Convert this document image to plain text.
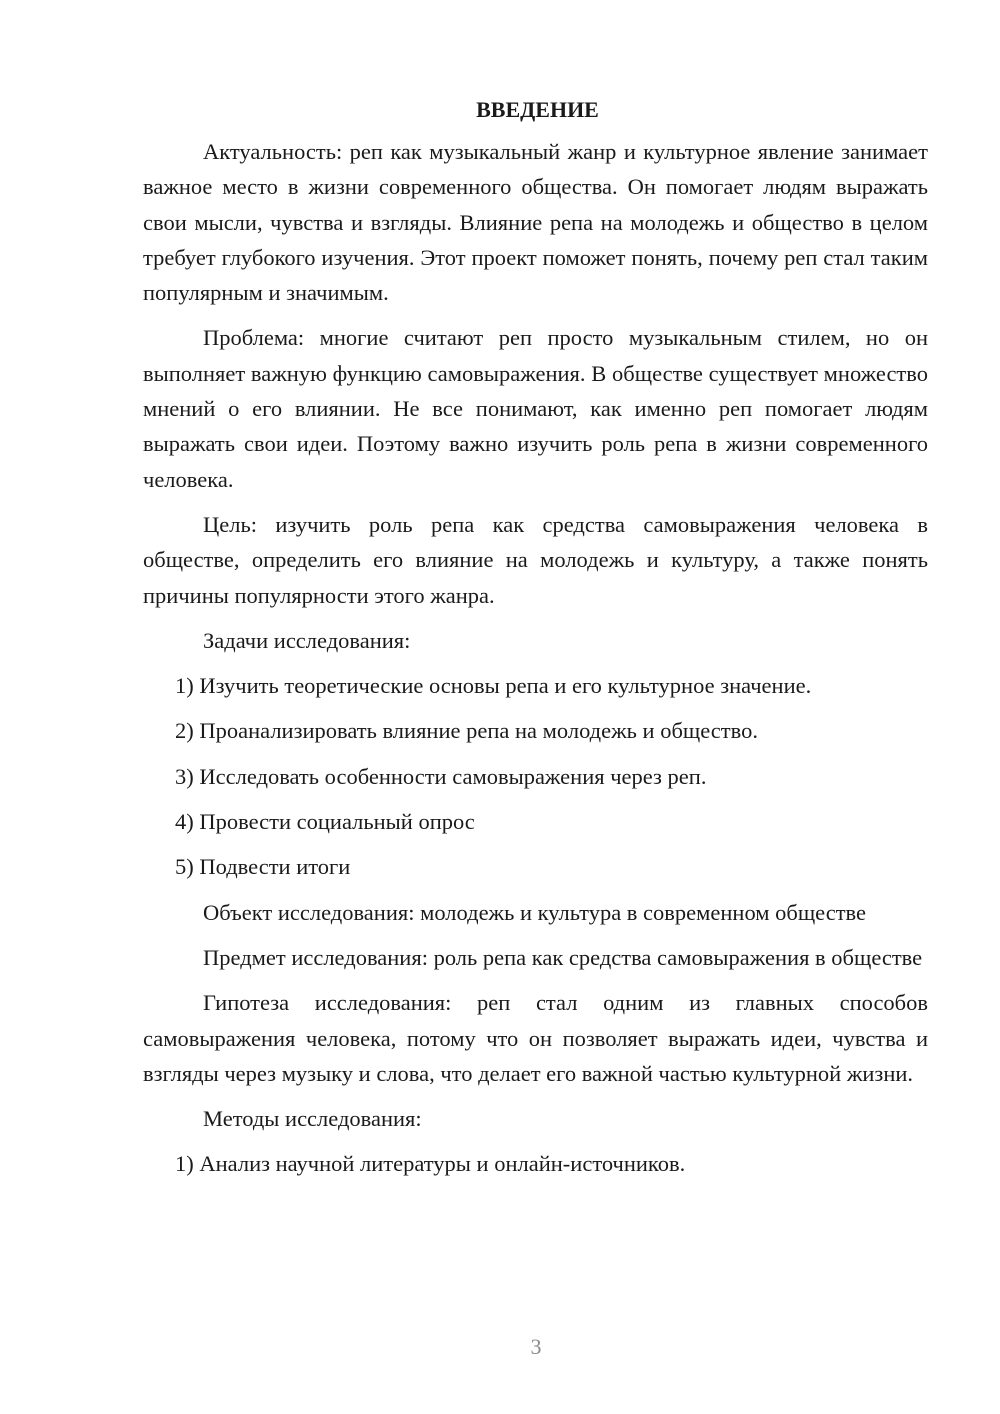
ВВЕДЕНИЕ

Актуальность: реп как музыкальный жанр и культурное явление занимает важное место в жизни современного общества. Он помогает людям выражать свои мысли, чувства и взгляды. Влияние репа на молодежь и общество в целом требует глубокого изучения. Этот проект поможет понять, почему реп стал таким популярным и значимым.

Проблема: многие считают реп просто музыкальным стилем, но он выполняет важную функцию самовыражения. В обществе существует множество мнений о его влиянии. Не все понимают, как именно реп помогает людям выражать свои идеи. Поэтому важно изучить роль репа в жизни современного человека.

Цель: изучить роль репа как средства самовыражения человека в обществе, определить его влияние на молодежь и культуру, а также понять причины популярности этого жанра.

Задачи исследования:

1) Изучить теоретические основы репа и его культурное значение.
2) Проанализировать влияние репа на молодежь и общество.
3) Исследовать особенности самовыражения через реп.
4) Провести социальный опрос
5) Подвести итоги

Объект исследования: молодежь и культура в современном обществе

Предмет исследования: роль репа как средства самовыражения в обществе

Гипотеза исследования: реп стал одним из главных способов самовыражения человека, потому что он позволяет выражать идеи, чувства и взгляды через музыку и слова, что делает его важной частью культурной жизни.

Методы исследования:

1) Анализ научной литературы и онлайн-источников.
3
